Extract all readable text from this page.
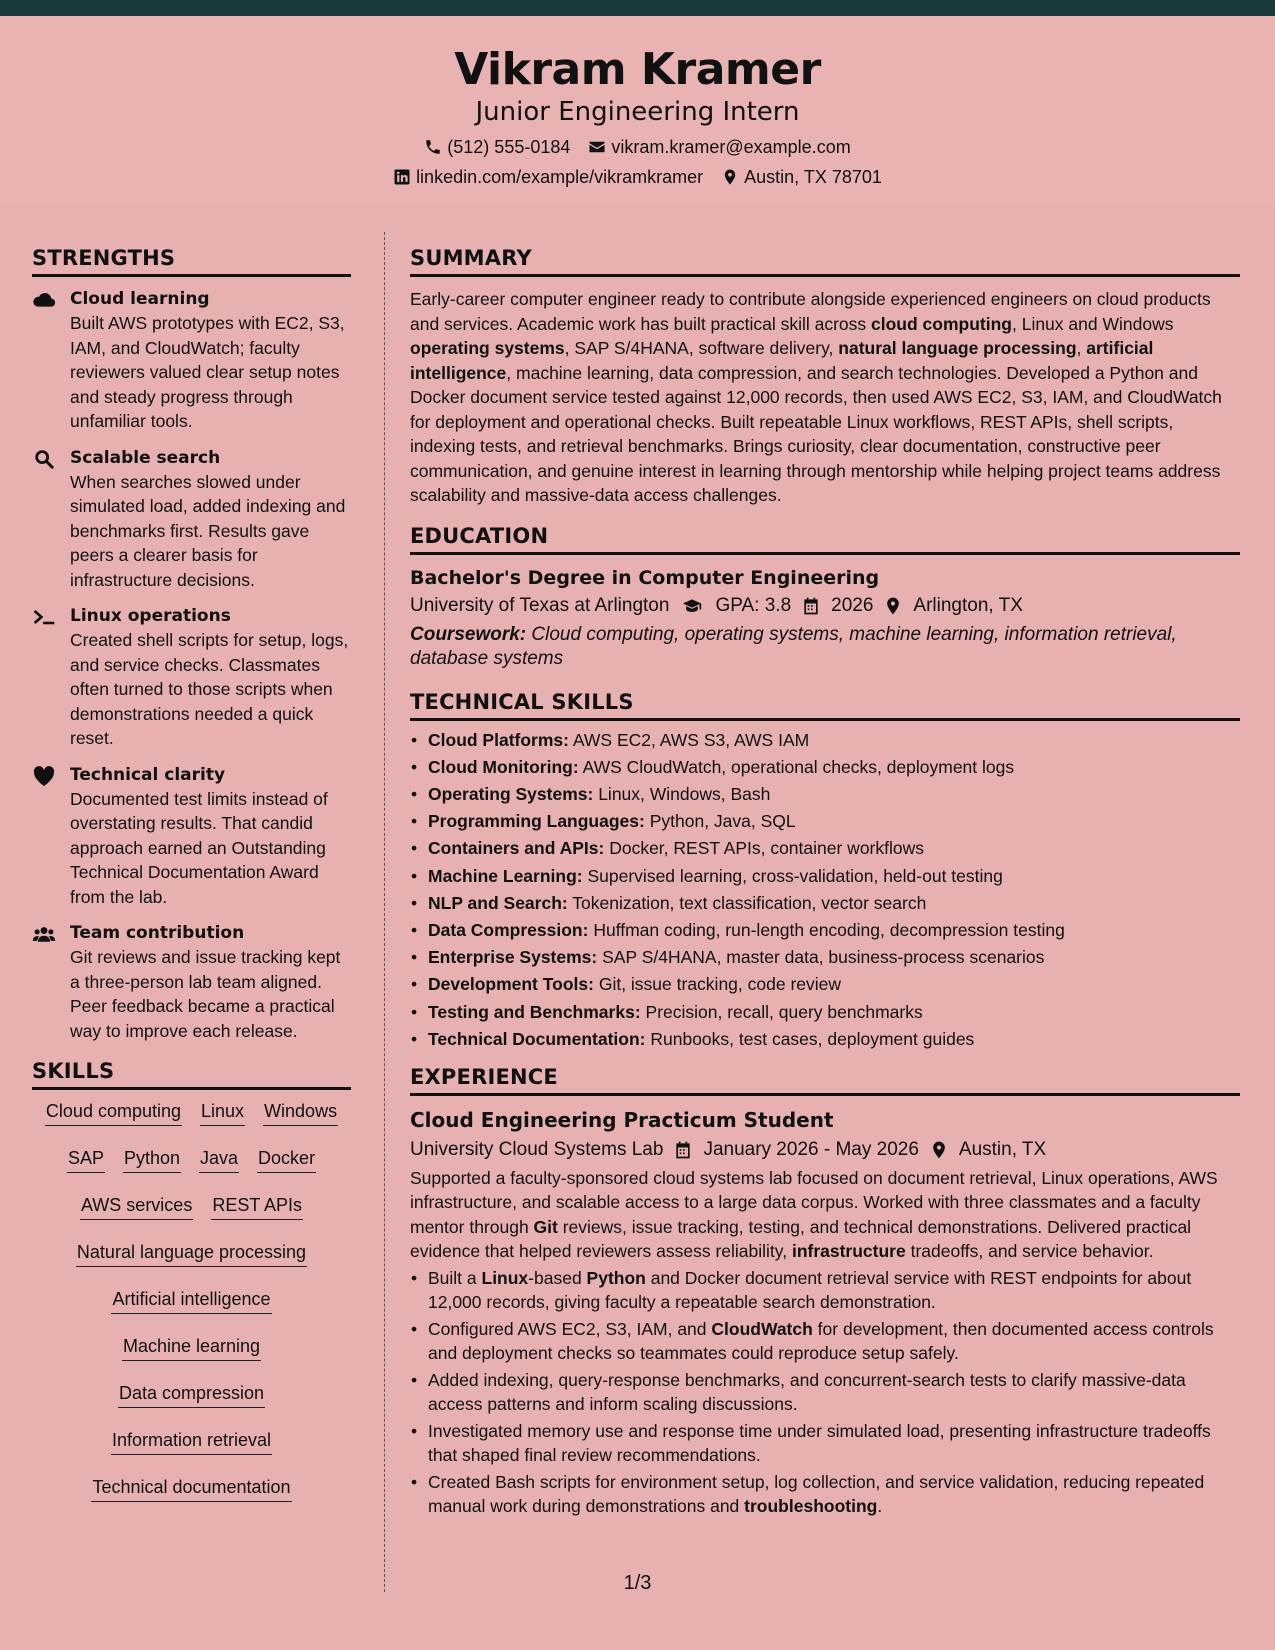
Vikram Kramer
Junior Engineering Intern
(512) 555-0184 vikram.kramer@example.com
linkedin.com/example/vikramkramer Austin, TX 78701
STRENGTHS
Cloud learning
Built AWS prototypes with EC2, S3, IAM, and CloudWatch; faculty reviewers valued clear setup notes and steady progress through unfamiliar tools.
Scalable search
When searches slowed under simulated load, added indexing and benchmarks first. Results gave peers a clearer basis for infrastructure decisions.
Linux operations
Created shell scripts for setup, logs, and service checks. Classmates often turned to those scripts when demonstrations needed a quick reset.
Technical clarity
Documented test limits instead of overstating results. That candid approach earned an Outstanding Technical Documentation Award from the lab.
Team contribution
Git reviews and issue tracking kept a three-person lab team aligned. Peer feedback became a practical way to improve each release.
SKILLS
Cloud computing Linux Windows
SAP Python Java Docker
AWS services REST APIs
Natural language processing
Artificial intelligence
Machine learning
Data compression
Information retrieval
Technical documentation
SUMMARY
Early-career computer engineer ready to contribute alongside experienced engineers on cloud products and services. Academic work has built practical skill across cloud computing, Linux and Windows operating systems, SAP S/4HANA, software delivery, natural language processing, artificial intelligence, machine learning, data compression, and search technologies. Developed a Python and Docker document service tested against 12,000 records, then used AWS EC2, S3, IAM, and CloudWatch for deployment and operational checks. Built repeatable Linux workflows, REST APIs, shell scripts, indexing tests, and retrieval benchmarks. Brings curiosity, clear documentation, constructive peer communication, and genuine interest in learning through mentorship while helping project teams address scalability and massive-data access challenges.
EDUCATION
Bachelor's Degree in Computer Engineering
University of Texas at Arlington GPA: 3.8 2026 Arlington, TX
Coursework: Cloud computing, operating systems, machine learning, information retrieval, database systems
TECHNICAL SKILLS
• Cloud Platforms: AWS EC2, AWS S3, AWS IAM
• Cloud Monitoring: AWS CloudWatch, operational checks, deployment logs
• Operating Systems: Linux, Windows, Bash
• Programming Languages: Python, Java, SQL
• Containers and APIs: Docker, REST APIs, container workflows
• Machine Learning: Supervised learning, cross-validation, held-out testing
• NLP and Search: Tokenization, text classification, vector search
• Data Compression: Huffman coding, run-length encoding, decompression testing
• Enterprise Systems: SAP S/4HANA, master data, business-process scenarios
• Development Tools: Git, issue tracking, code review
• Testing and Benchmarks: Precision, recall, query benchmarks
• Technical Documentation: Runbooks, test cases, deployment guides
EXPERIENCE
Cloud Engineering Practicum Student
University Cloud Systems Lab January 2026 - May 2026 Austin, TX
Supported a faculty-sponsored cloud systems lab focused on document retrieval, Linux operations, AWS infrastructure, and scalable access to a large data corpus. Worked with three classmates and a faculty mentor through Git reviews, issue tracking, testing, and technical demonstrations. Delivered practical evidence that helped reviewers assess reliability, infrastructure tradeoffs, and service behavior.
• Built a Linux-based Python and Docker document retrieval service with REST endpoints for about 12,000 records, giving faculty a repeatable search demonstration.
• Configured AWS EC2, S3, IAM, and CloudWatch for development, then documented access controls and deployment checks so teammates could reproduce setup safely.
• Added indexing, query-response benchmarks, and concurrent-search tests to clarify massive-data access patterns and inform scaling discussions.
• Investigated memory use and response time under simulated load, presenting infrastructure tradeoffs that shaped final review recommendations.
• Created Bash scripts for environment setup, log collection, and service validation, reducing repeated manual work during demonstrations and troubleshooting.
1/3
